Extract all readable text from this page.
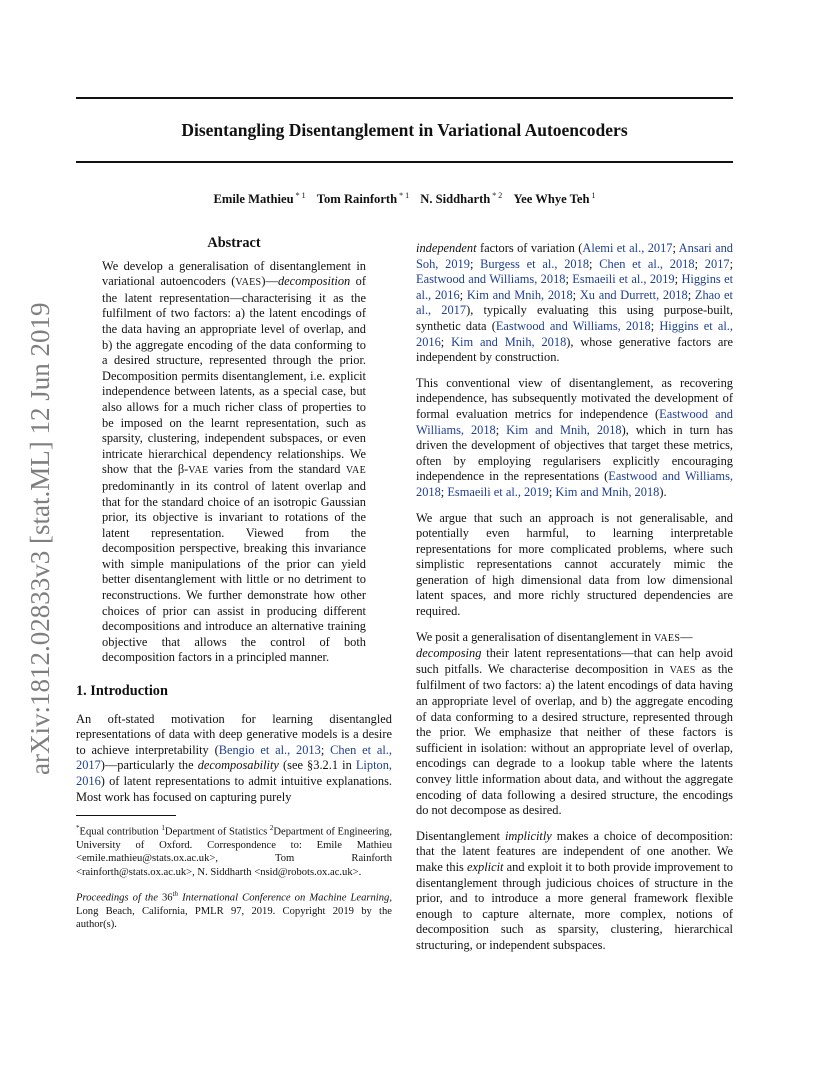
Disentangling Disentanglement in Variational Autoencoders
Emile Mathieu $^{* 1}$ Tom Rainforth $^{* 1}$ N. Siddharth $^{* 2}$ Yee Whye Teh $^1$
arXiv:1812.02833v3 [stat.ML] 12 Jun 2019
Abstract
We develop a generalisation of disentanglement in variational autoencoders (VAES)—decomposition of the latent representation—characterising it as the fulfilment of two factors: a) the latent encodings of the data having an appropriate level of overlap, and b) the aggregate encoding of the data conforming to a desired structure, represented through the prior. Decomposition permits disentanglement, i.e. explicit independence between latents, as a special case, but also allows for a much richer class of properties to be imposed on the learnt representation, such as sparsity, clustering, independent subspaces, or even intricate hierarchical dependency relationships. We show that the β-VAE varies from the standard VAE predominantly in its control of latent overlap and that for the standard choice of an isotropic Gaussian prior, its objective is invariant to rotations of the latent representation. Viewed from the decomposition perspective, breaking this invariance with simple manipulations of the prior can yield better disentanglement with little or no detriment to reconstructions. We further demonstrate how other choices of prior can assist in producing different decompositions and introduce an alternative training objective that allows the control of both decomposition factors in a principled manner.
1. Introduction

An oft-stated motivation for learning disentangled representations of data with deep generative models is a desire to achieve interpretability (Bengio et al., 2013; Chen et al., 2017)—particularly the decomposability (see §3.2.1 in Lipton, 2016) of latent representations to admit intuitive explanations. Most work has focused on capturing purely

*Equal contribution $^1$Department of Statistics $^2$Department of Engineering, University of Oxford. Correspondence to: Emile Mathieu <emile.mathieu@stats.ox.ac.uk>, Tom Rainforth <rainforth@stats.ox.ac.uk>, N. Siddharth <nsid@robots.ox.ac.uk>.
Proceedings of the 36th International Conference on Machine Learning, Long Beach, California, PMLR 97, 2019. Copyright 2019 by the author(s).

independent factors of variation (Alemi et al., 2017; Ansari and Soh, 2019; Burgess et al., 2018; Chen et al., 2018; 2017; Eastwood and Williams, 2018; Esmaeili et al., 2019; Higgins et al., 2016; Kim and Mnih, 2018; Xu and Durrett, 2018; Zhao et al., 2017), typically evaluating this using purpose-built, synthetic data (Eastwood and Williams, 2018; Higgins et al., 2016; Kim and Mnih, 2018), whose generative factors are independent by construction.

This conventional view of disentanglement, as recovering independence, has subsequently motivated the development of formal evaluation metrics for independence (Eastwood and Williams, 2018; Kim and Mnih, 2018), which in turn has driven the development of objectives that target these metrics, often by employing regularisers explicitly encouraging independence in the representations (Eastwood and Williams, 2018; Esmaeili et al., 2019; Kim and Mnih, 2018).

We argue that such an approach is not generalisable, and potentially even harmful, to learning interpretable representations for more complicated problems, where such simplistic representations cannot accurately mimic the generation of high dimensional data from low dimensional latent spaces, and more richly structured dependencies are required.

We posit a generalisation of disentanglement in VAES—
decomposing their latent representations—that can help avoid such pitfalls. We characterise decomposition in VAES as the fulfilment of two factors: a) the latent encodings of data having an appropriate level of overlap, and b) the aggregate encoding of data conforming to a desired structure, represented through the prior. We emphasize that neither of these factors is sufficient in isolation: without an appropriate level of overlap, encodings can degrade to a lookup table where the latents convey little information about data, and without the aggregate encoding of data following a desired structure, the encodings do not decompose as desired.

Disentanglement implicitly makes a choice of decomposition: that the latent features are independent of one another. We make this explicit and exploit it to both provide improvement to disentanglement through judicious choices of structure in the prior, and to introduce a more general framework flexible enough to capture alternate, more complex, notions of decomposition such as sparsity, clustering, hierarchical structuring, or independent subspaces.
